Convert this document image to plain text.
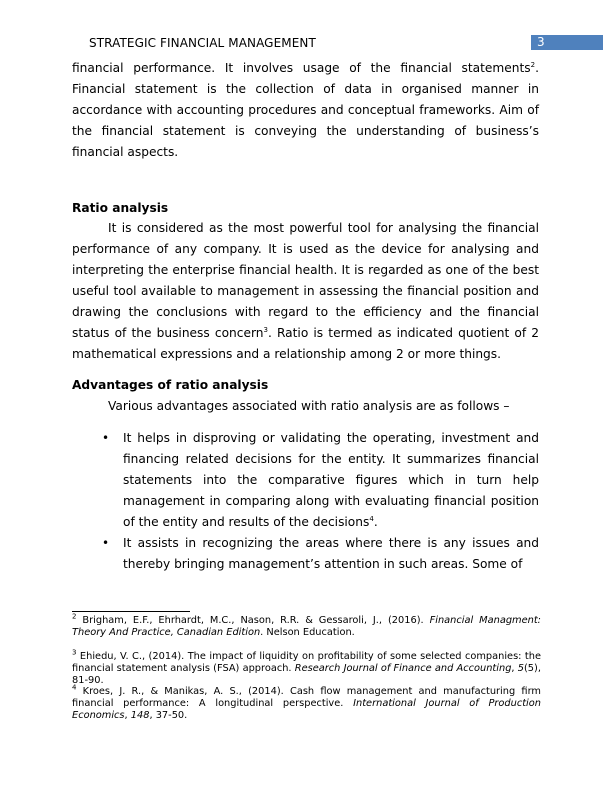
STRATEGIC FINANCIAL MANAGEMENT	3

financial performance. It involves usage of the financial statements$^2$. Financial statement is the collection of data in organised manner in accordance with accounting procedures and conceptual frameworks. Aim of the financial statement is conveying the understanding of business’s financial aspects.

Ratio analysis

It is considered as the most powerful tool for analysing the financial performance of any company. It is used as the device for analysing and interpreting the enterprise financial health. It is regarded as one of the best useful tool available to management in assessing the financial position and drawing the conclusions with regard to the efficiency and the financial status of the business concern$^3$. Ratio is termed as indicated quotient of 2 mathematical expressions and a relationship among 2 or more things.

Advantages of ratio analysis
Various advantages associated with ratio analysis are as follows –
• It helps in disproving or validating the operating, investment and financing related decisions for the entity. It summarizes financial statements into the comparative figures which in turn help management in comparing along with evaluating financial position of the entity and results of the decisions$^4$.
• It assists in recognizing the areas where there is any issues and thereby bringing management’s attention in such areas. Some of
$^2$ Brigham, E.F., Ehrhardt, M.C., Nason, R.R. & Gessaroli, J., (2016). Financial Managment: Theory And Practice, Canadian Edition. Nelson Education.
$^3$ Ehiedu, V. C., (2014). The impact of liquidity on profitability of some selected companies: the financial statement analysis (FSA) approach. Research Journal of Finance and Accounting, 5(5), 81-90.
$^4$ Kroes, J. R., & Manikas, A. S., (2014). Cash flow management and manufacturing firm financial performance: A longitudinal perspective. International Journal of Production Economics, 148, 37-50.
